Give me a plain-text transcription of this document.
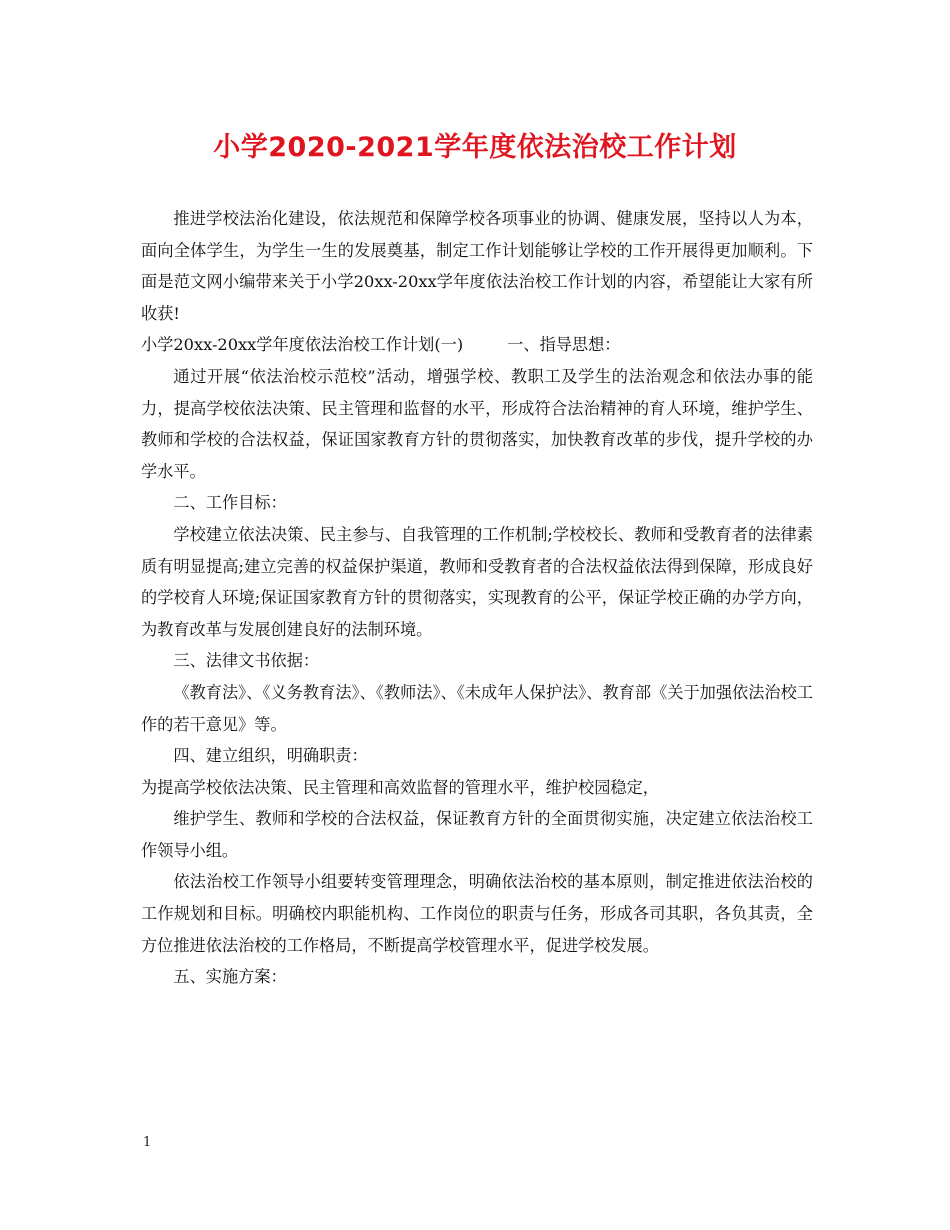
小学2020-2021学年度依法治校工作计划

推进学校法治化建设，依法规范和保障学校各项事业的协调、健康发展，坚持以人为本，面向全体学生，为学生一生的发展奠基，制定工作计划能够让学校的工作开展得更加顺利。下面是范文网小编带来关于小学20xx-20xx学年度依法治校工作计划的内容，希望能让大家有所收获!

小学20xx-20xx学年度依法治校工作计划(一)	一、指导思想：

通过开展“依法治校示范校”活动，增强学校、教职工及学生的法治观念和依法办事的能力，提高学校依法决策、民主管理和监督的水平，形成符合法治精神的育人环境，维护学生、教师和学校的合法权益，保证国家教育方针的贯彻落实，加快教育改革的步伐，提升学校的办学水平。

二、工作目标：

学校建立依法决策、民主参与、自我管理的工作机制;学校校长、教师和受教育者的法律素质有明显提高;建立完善的权益保护渠道，教师和受教育者的合法权益依法得到保障，形成良好的学校育人环境;保证国家教育方针的贯彻落实，实现教育的公平，保证学校正确的办学方向，为教育改革与发展创建良好的法制环境。

三、法律文书依据：

《教育法》、《义务教育法》、《教师法》、《未成年人保护法》、教育部《关于加强依法治校工作的若干意见》等。

四、建立组织，明确职责：

为提高学校依法决策、民主管理和高效监督的管理水平，维护校园稳定，

维护学生、教师和学校的合法权益，保证教育方针的全面贯彻实施，决定建立依法治校工作领导小组。

依法治校工作领导小组要转变管理理念，明确依法治校的基本原则，制定推进依法治校的工作规划和目标。明确校内职能机构、工作岗位的职责与任务，形成各司其职，各负其责，全方位推进依法治校的工作格局，不断提高学校管理水平，促进学校发展。

五、实施方案：

1
